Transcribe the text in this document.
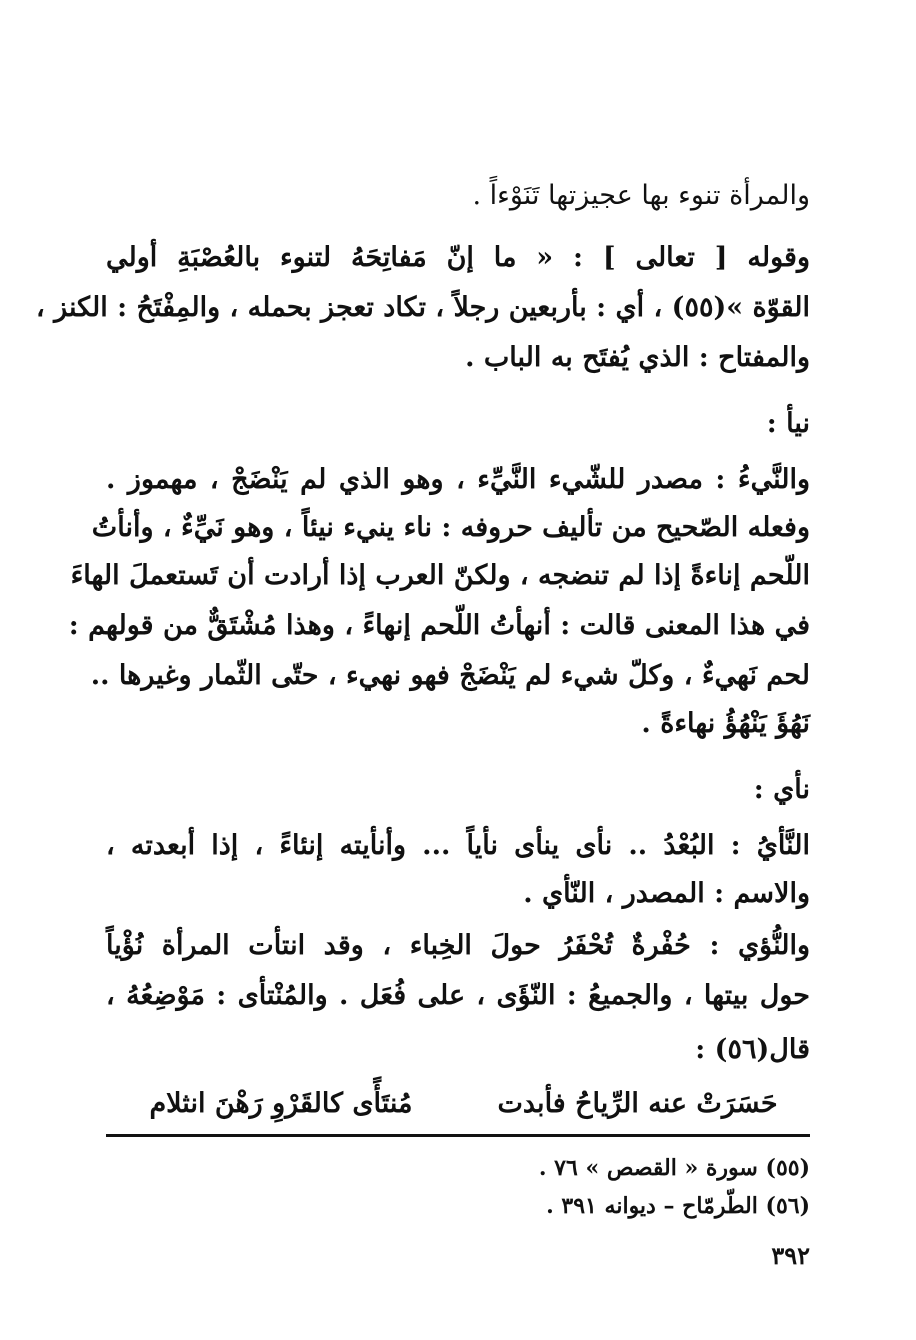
والمرأة تنوء بها عجيزتها تَنَوْءاً .
وقوله [ تعالى ] : « ما إنّ مَفاتِحَهُ لتنوء بالعُصْبَةِ أولي
القوّة »(٥٥) ، أي : بأربعين رجلاً ، تكاد تعجز بحمله ، والمِفْتَحُ : الكنز ،
والمفتاح : الذي يُفتَح به الباب .
نيأ :
والنَّيءُ : مصدر للشّيء النَّيِّء ، وهو الذي لم يَنْضَجْ ، مهموز .
وفعله الصّحيح من تأليف حروفه : ناء ينيء نيئاً ، وهو نَيِّءٌ ، وأنأتُ
اللّحم إناءةً إذا لم تنضجه ، ولكنّ العرب إذا أرادت أن تَستعملَ الهاءَ
في هذا المعنى قالت : أنهأتُ اللّحم إنهاءً ، وهذا مُشْتَقٌّ من قولهم :
لحم نَهيءٌ ، وكلّ شيء لم يَنْضَجْ فهو نهيء ، حتّى الثّمار وغيرها ..
نَهُؤَ يَنْهُؤُ نهاءةً .
نأي :
النَّأيُ : البُعْدُ .. نأى ينأى نأياً ... وأنأيته إنئاءً ، إذا أبعدته ،
والاسم : المصدر ، النّأي .
والنُّؤي : حُفْرةٌ تُحْفَرُ حولَ الخِباء ، وقد انتأت المرأة نُؤْياً
حول بيتها ، والجميعُ : النّؤَى ، على فُعَل . والمُنْتأى : مَوْضِعُهُ ،
قال(٥٦) :
حَسَرَتْ عنه الرِّياحُ فأبدت
مُنتَأًى كالقَرْوِ رَهْنَ انثلام
(٥٥) سورة « القصص » ٧٦ .
(٥٦) الطّرمّاح – ديوانه ٣٩١ .
٣٩٢
